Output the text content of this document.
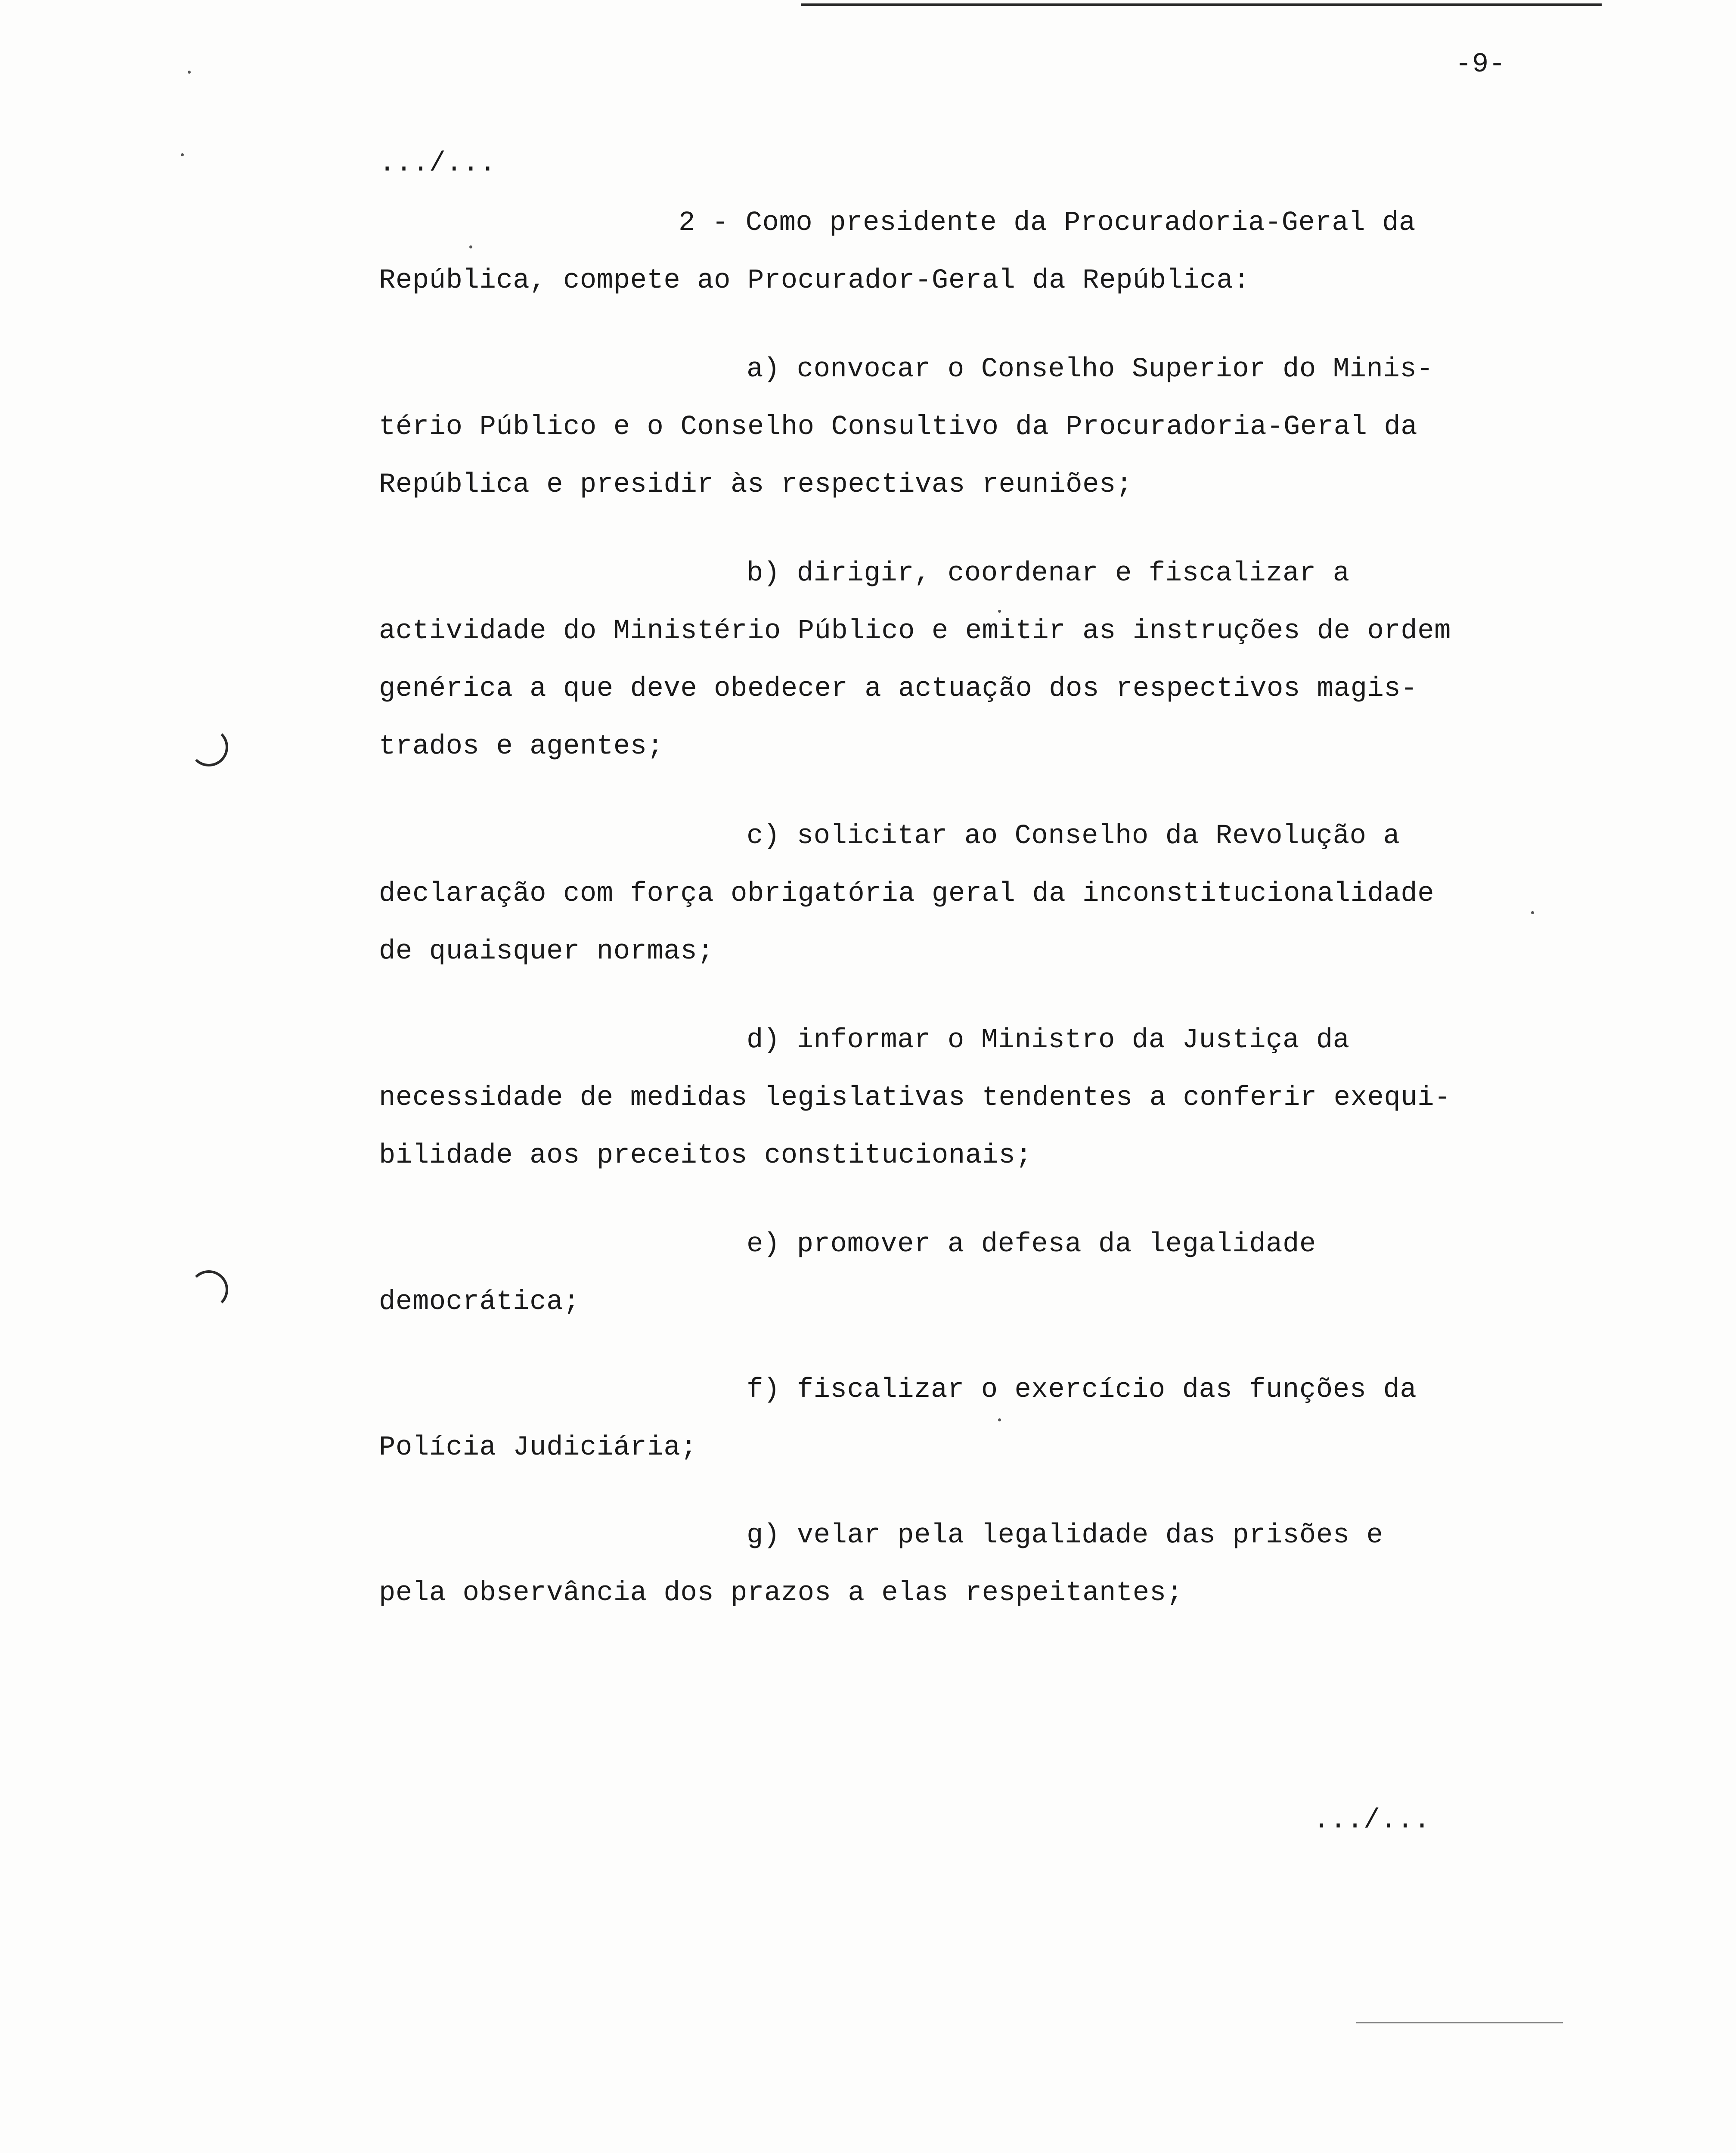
-9-
.../...
2 - Como presidente da Procuradoria-Geral da
República, compete ao Procurador-Geral da República:
a) convocar o Conselho Superior do Minis-
tério Público e o Conselho Consultivo da Procuradoria-Geral da
República e presidir às respectivas reuniões;
b) dirigir, coordenar e fiscalizar a
actividade do Ministério Público e emitir as instruções de ordem
genérica a que deve obedecer a actuação dos respectivos magis-
trados e agentes;
c) solicitar ao Conselho da Revolução a
declaração com força obrigatória geral da inconstitucionalidade
de quaisquer normas;
d) informar o Ministro da Justiça da
necessidade de medidas legislativas tendentes a conferir exequi-
bilidade aos preceitos constitucionais;
e) promover a defesa da legalidade
democrática;
f) fiscalizar o exercício das funções da
Polícia Judiciária;
g) velar pela legalidade das prisões e
pela observância dos prazos a elas respeitantes;
.../...
